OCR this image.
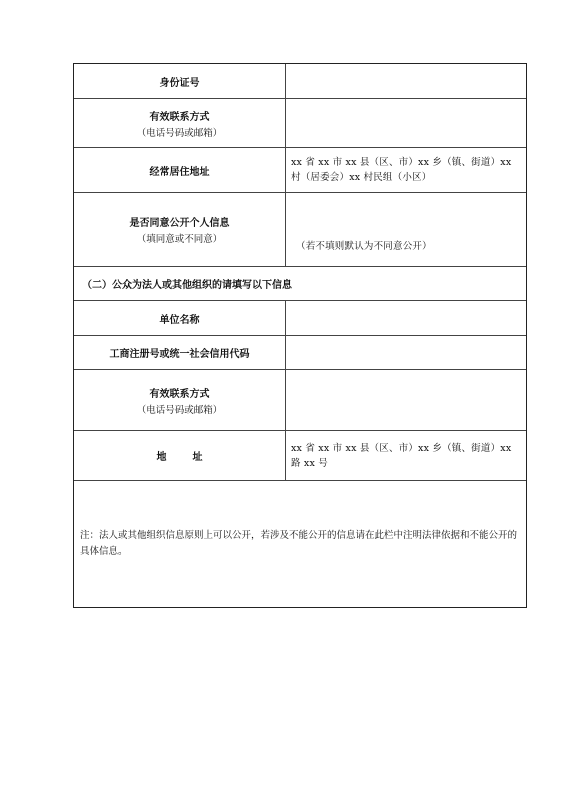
身份证号
有效联系方式
（电话号码或邮箱）
经常居住地址
xx 省 xx 市 xx 县（区、市）xx 乡（镇、街道）xx 村（居委会）xx 村民组（小区）
是否同意公开个人信息
（填同意或不同意）
（若不填则默认为不同意公开）
（二）公众为法人或其他组织的请填写以下信息
单位名称
工商注册号或统一社会信用代码
有效联系方式
（电话号码或邮箱）
地址
xx 省 xx 市 xx 县（区、市）xx 乡（镇、街道）xx 路 xx 号
注：法人或其他组织信息原则上可以公开，若涉及不能公开的信息请在此栏中注明法律依据和不能公开的具体信息。
